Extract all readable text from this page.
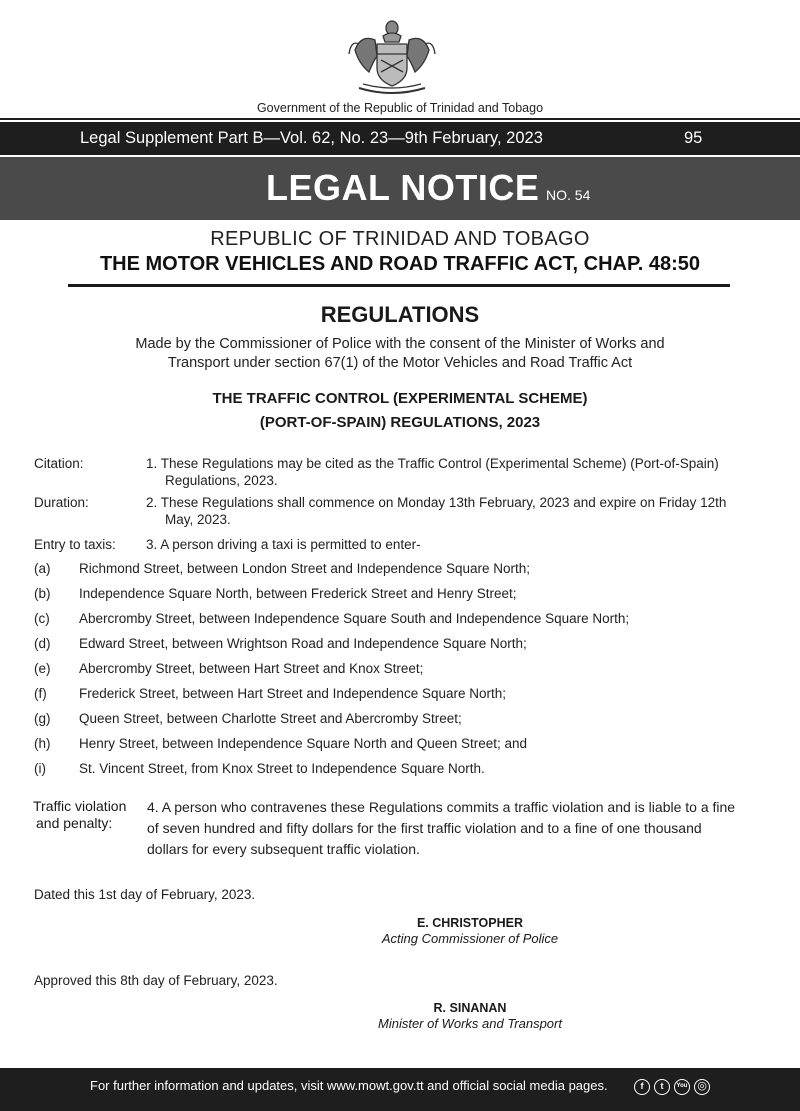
Government of the Republic of Trinidad and Tobago
Legal Supplement Part B—Vol. 62, No. 23—9th February, 2023	95
LEGAL NOTICE NO. 54
REPUBLIC OF TRINIDAD AND TOBAGO
THE MOTOR VEHICLES AND ROAD TRAFFIC ACT, CHAP. 48:50
REGULATIONS
Made by the Commissioner of Police with the consent of the Minister of Works and
Transport under section 67(1) of the Motor Vehicles and Road Traffic Act
THE TRAFFIC CONTROL (EXPERIMENTAL SCHEME)
(PORT-OF-SPAIN) REGULATIONS, 2023
Citation:	1. These Regulations may be cited as the Traffic Control (Experimental Scheme) (Port-of-Spain)
Regulations, 2023.
Duration:	2. These Regulations shall commence on Monday 13th February, 2023 and expire on Friday 12th
May, 2023.
Entry to taxis: 3. A person driving a taxi is permitted to enter-
(a) Richmond Street, between London Street and Independence Square North;
(b) Independence Square North, between Frederick Street and Henry Street;
(c) Abercromby Street, between Independence Square South and Independence Square North;
(d) Edward Street, between Wrightson Road and Independence Square North;
(e) Abercromby Street, between Hart Street and Knox Street;
(f) Frederick Street, between Hart Street and Independence Square North;
(g) Queen Street, between Charlotte Street and Abercromby Street;
(h) Henry Street, between Independence Square North and Queen Street; and
(i) St. Vincent Street, from Knox Street to Independence Square North.
Traffic violation
and penalty:
4. A person who contravenes these Regulations commits a traffic violation and is liable to a fine
of seven hundred and fifty dollars for the first traffic violation and to a fine of one thousand
dollars for every subsequent traffic violation.
Dated this 1st day of February, 2023.
E. CHRISTOPHER
Acting Commissioner of Police
Approved this 8th day of February, 2023.
R. SINANAN
Minister of Works and Transport
For further information and updates, visit www.mowt.gov.tt and official social media pages.	f	t	You ◎
